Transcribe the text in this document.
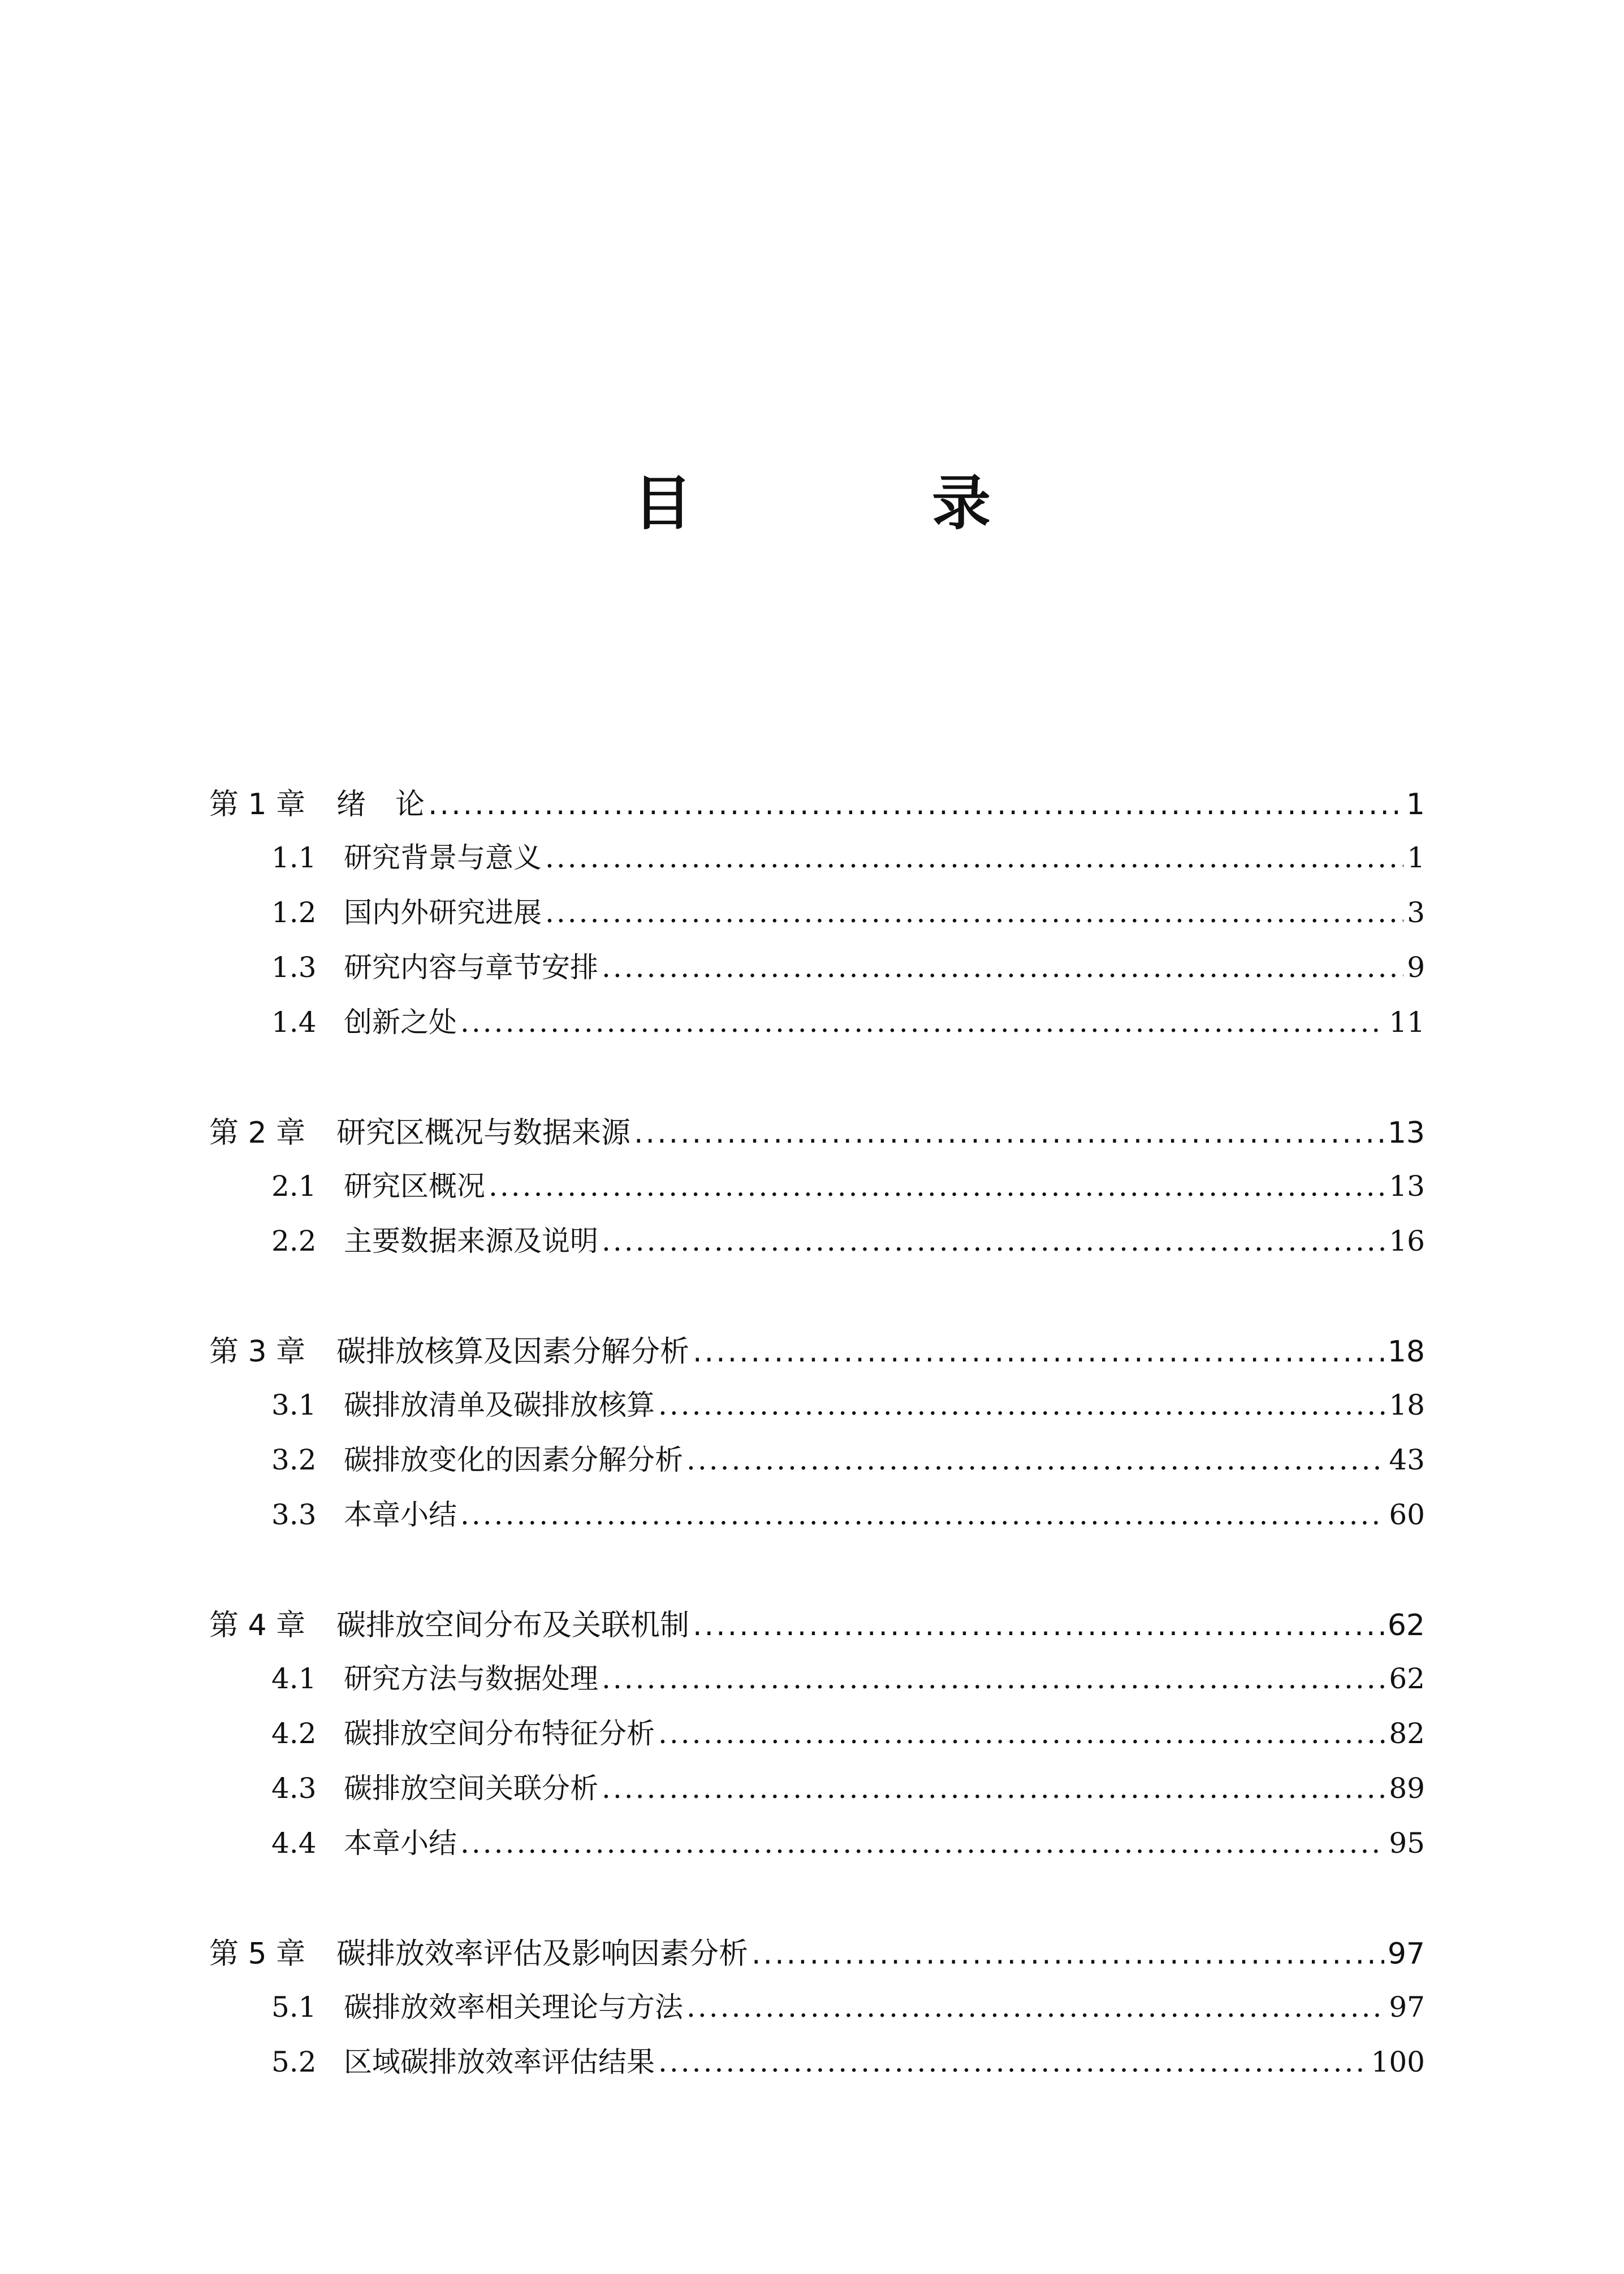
目　录
第 1 章	绪　论 .....	1
1.1 研究背景与意义 .....	1
1.2 国内外研究进展 .....	3
1.3 研究内容与章节安排 .....	9
1.4 创新之处 .....	11
第 2 章	研究区概况与数据来源 .....	13
2.1 研究区概况 .....	13
2.2 主要数据来源及说明 .....	16
第 3 章	碳排放核算及因素分解分析 .....	18
3.1 碳排放清单及碳排放核算 .....	18
3.2 碳排放变化的因素分解分析 .....	43
3.3 本章小结 .....	60
第 4 章	碳排放空间分布及关联机制 .....	62
4.1 研究方法与数据处理 .....	62
4.2 碳排放空间分布特征分析 .....	82
4.3 碳排放空间关联分析 .....	89
4.4 本章小结 .....	95
第 5 章	碳排放效率评估及影响因素分析 .....	97
5.1 碳排放效率相关理论与方法 .....	97
5.2 区域碳排放效率评估结果 .....	100
